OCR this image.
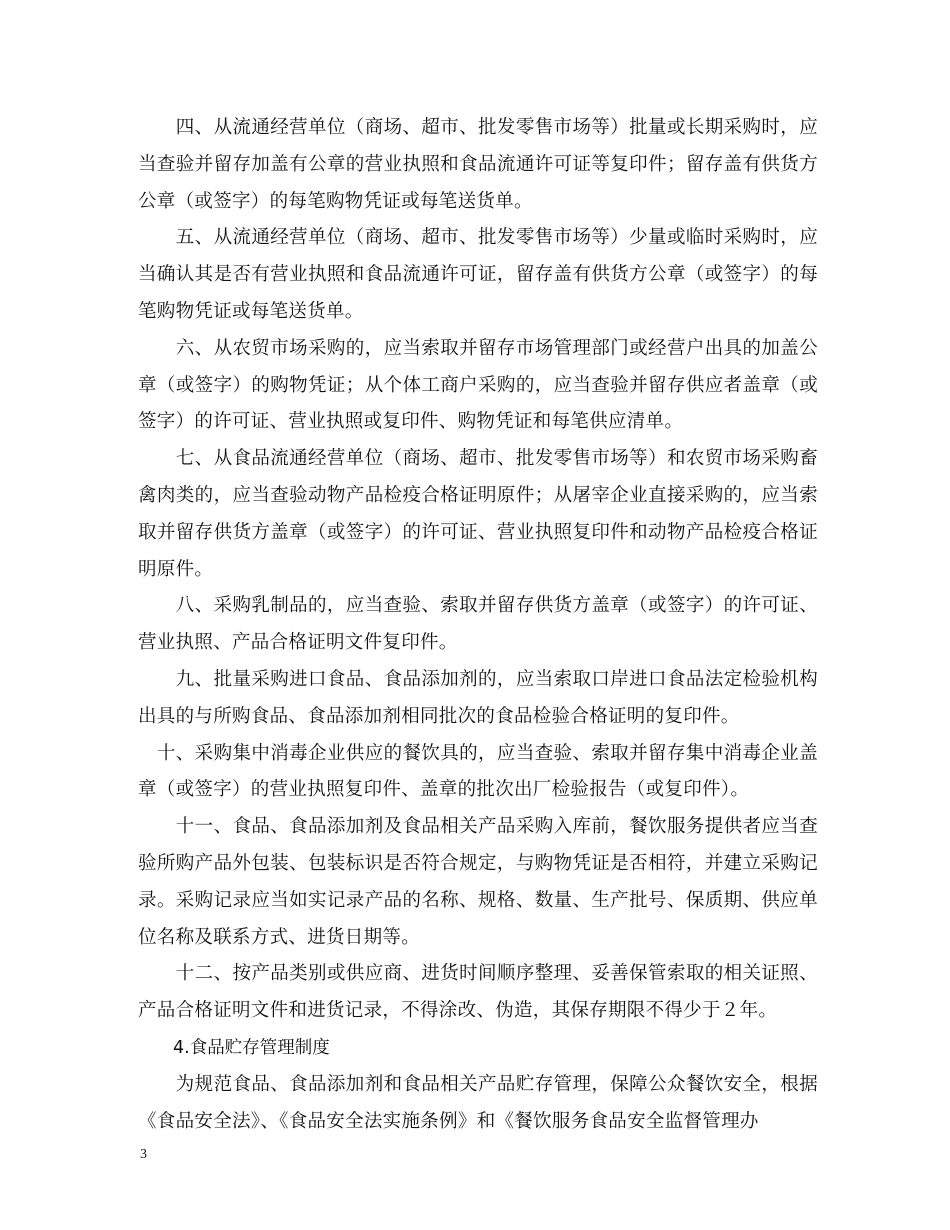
　　四、从流通经营单位（商场、超市、批发零售市场等）批量或长期采购时，应当查验并留存加盖有公章的营业执照和食品流通许可证等复印件；留存盖有供货方公章（或签字）的每笔购物凭证或每笔送货单。

　　五、从流通经营单位（商场、超市、批发零售市场等）少量或临时采购时，应当确认其是否有营业执照和食品流通许可证，留存盖有供货方公章（或签字）的每笔购物凭证或每笔送货单。

　　六、从农贸市场采购的，应当索取并留存市场管理部门或经营户出具的加盖公章（或签字）的购物凭证；从个体工商户采购的，应当查验并留存供应者盖章（或签字）的许可证、营业执照或复印件、购物凭证和每笔供应清单。

　　七、从食品流通经营单位（商场、超市、批发零售市场等）和农贸市场采购畜禽肉类的，应当查验动物产品检疫合格证明原件；从屠宰企业直接采购的，应当索取并留存供货方盖章（或签字）的许可证、营业执照复印件和动物产品检疫合格证明原件。

　　八、采购乳制品的，应当查验、索取并留存供货方盖章（或签字）的许可证、营业执照、产品合格证明文件复印件。

　　九、批量采购进口食品、食品添加剂的，应当索取口岸进口食品法定检验机构出具的与所购食品、食品添加剂相同批次的食品检验合格证明的复印件。

　十、采购集中消毒企业供应的餐饮具的，应当查验、索取并留存集中消毒企业盖章（或签字）的营业执照复印件、盖章的批次出厂检验报告（或复印件）。

　　十一、食品、食品添加剂及食品相关产品采购入库前，餐饮服务提供者应当查验所购产品外包装、包装标识是否符合规定，与购物凭证是否相符，并建立采购记录。采购记录应当如实记录产品的名称、规格、数量、生产批号、保质期、供应单位名称及联系方式、进货日期等。

　　十二、按产品类别或供应商、进货时间顺序整理、妥善保管索取的相关证照、产品合格证明文件和进货记录，不得涂改、伪造，其保存期限不得少于２年。

　　4.食品贮存管理制度

　　为规范食品、食品添加剂和食品相关产品贮存管理，保障公众餐饮安全，根据《食品安全法》、《食品安全法实施条例》和《餐饮服务食品安全监督管理办

3
